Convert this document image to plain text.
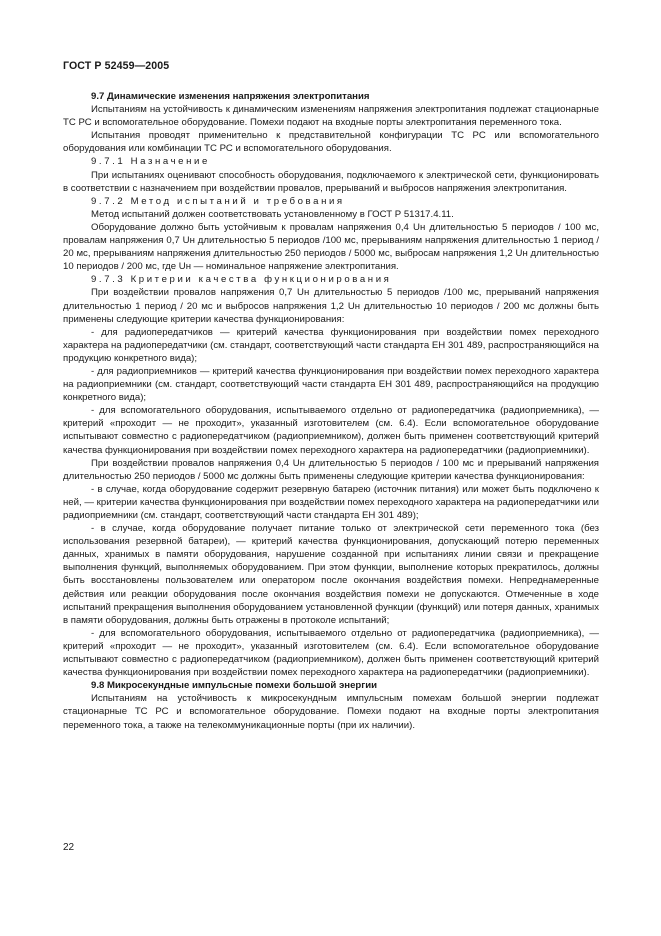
ГОСТ Р 52459—2005

9.7 Динамические изменения напряжения электропитания

Испытаниям на устойчивость к динамическим изменениям напряжения электропитания подлежат стационарные ТС РС и вспомогательное оборудование. Помехи подают на входные порты электропитания переменного тока.

Испытания проводят применительно к представительной конфигурации ТС РС или вспомогательного оборудования или комбинации ТС РС и вспомогательного оборудования.

9.7.1 Назначение

При испытаниях оценивают способность оборудования, подключаемого к электрической сети, функционировать в соответствии с назначением при воздействии провалов, прерываний и выбросов напряжения электропитания.

9.7.2 Метод испытаний и требования

Метод испытаний должен соответствовать установленному в ГОСТ Р 51317.4.11.

Оборудование должно быть устойчивым к провалам напряжения 0,4 Uн длительностью 5 периодов / 100 мс, провалам напряжения 0,7 Uн длительностью 5 периодов /100 мс, прерываниям напряжения длительностью 1 период / 20 мс, прерываниям напряжения длительностью 250 периодов / 5000 мс, выбросам напряжения 1,2 Uн длительностью 10 периодов / 200 мс, где Uн — номинальное напряжение электропитания.

9.7.3 Критерии качества функционирования

При воздействии провалов напряжения 0,7 Uн длительностью 5 периодов /100 мс, прерываний напряжения длительностью 1 период / 20 мс и выбросов напряжения 1,2 Uн длительностью 10 периодов / 200 мс должны быть применены следующие критерии качества функционирования:

- для радиопередатчиков — критерий качества функционирования при воздействии помех переходного характера на радиопередатчики (см. стандарт, соответствующий части стандарта ЕН 301 489, распространяющийся на продукцию конкретного вида);

- для радиоприемников — критерий качества функционирования при воздействии помех переходного характера на радиоприемники (см. стандарт, соответствующий части стандарта ЕН 301 489, распространяющийся на продукцию конкретного вида);

- для вспомогательного оборудования, испытываемого отдельно от радиопередатчика (радиоприемника), — критерий «проходит — не проходит», указанный изготовителем (см. 6.4). Если вспомогательное оборудование испытывают совместно с радиопередатчиком (радиоприемником), должен быть применен соответствующий критерий качества функционирования при воздействии помех переходного характера на радиопередатчики (радиоприемники).

При воздействии провалов напряжения 0,4 Uн длительностью 5 периодов / 100 мс и прерываний напряжения длительностью 250 периодов / 5000 мс должны быть применены следующие критерии качества функционирования:

- в случае, когда оборудование содержит резервную батарею (источник питания) или может быть подключено к ней, — критерии качества функционирования при воздействии помех переходного характера на радиопередатчики или радиоприемники (см. стандарт, соответствующий части стандарта ЕН 301 489);

- в случае, когда оборудование получает питание только от электрической сети переменного тока (без использования резервной батареи), — критерий качества функционирования, допускающий потерю переменных данных, хранимых в памяти оборудования, нарушение созданной при испытаниях линии связи и прекращение выполнения функций, выполняемых оборудованием. При этом функции, выполнение которых прекратилось, должны быть восстановлены пользователем или оператором после окончания воздействия помехи. Непреднамеренные действия или реакции оборудования после окончания воздействия помехи не допускаются. Отмеченные в ходе испытаний прекращения выполнения оборудованием установленной функции (функций) или потеря данных, хранимых в памяти оборудования, должны быть отражены в протоколе испытаний;

- для вспомогательного оборудования, испытываемого отдельно от радиопередатчика (радиоприемника), — критерий «проходит — не проходит», указанный изготовителем (см. 6.4). Если вспомогательное оборудование испытывают совместно с радиопередатчиком (радиоприемником), должен быть применен соответствующий критерий качества функционирования при воздействии помех переходного характера на радиопередатчики (радиоприемники).

9.8 Микросекундные импульсные помехи большой энергии

Испытаниям на устойчивость к микросекундным импульсным помехам большой энергии подлежат стационарные ТС РС и вспомогательное оборудование. Помехи подают на входные порты электропитания переменного тока, а также на телекоммуникационные порты (при их наличии).

22
